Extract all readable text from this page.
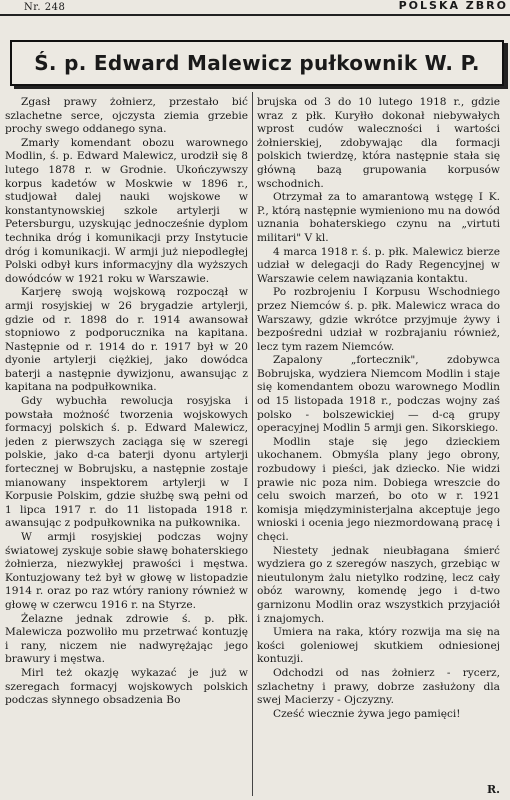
Nr. 248	POLSKA ZBRO
Ś. p. Edward Malewicz pułkownik W. P.

Zgasł prawy żołnierz, przestało bić szlachetne serce, ojczysta ziemia grzebie prochy swego oddanego syna.

Zmarły komendant obozu warownego Modlin, ś. p. Edward Malewicz, urodził się 8 lutego 1878 r. w Grodnie. Ukończywszy korpus kadetów w Moskwie w 1896 r., studjował dalej nauki wojskowe w konstantynowskiej szkole artylerji w Petersburgu, uzyskując jednocześnie dyplom technika dróg i komunikacji przy Instytucie dróg i komunikacji. W armji już niepodległej Polski odbył kurs informacyjny dla wyższych dowódców w 1921 roku w Warszawie.

Karjerę swoją wojskową rozpoczął w armji rosyjskiej w 26 brygadzie artylerji, gdzie od r. 1898 do r. 1914 awansował stopniowo z podporucznika na kapitana. Następnie od r. 1914 do r. 1917 był w 20 dyonie artylerji ciężkiej, jako dowódca baterji a następnie dywizjonu, awansując z kapitana na podpułkownika.

Gdy wybuchła rewolucja rosyjska i powstała możność tworzenia wojskowych formacyj polskich ś. p. Edward Malewicz, jeden z pierwszych zaciąga się w szeregi polskie, jako d-ca baterji dyonu artylerji fortecznej w Bobrujsku, a następnie zostaje mianowany inspektorem artylerji w I Korpusie Polskim, gdzie służbę swą pełni od 1 lipca 1917 r. do 11 listopada 1918 r. awansując z podpułkownika na pułkownika.

W armji rosyjskiej podczas wojny światowej zyskuje sobie sławę bohaterskiego żołnierza, niezwykłej prawości i męstwa. Kontuzjowany też był w głowę w listopadzie 1914 r. oraz po raz wtóry raniony również w głowę w czerwcu 1916 r. na Styrze.

Żelazne jednak zdrowie ś. p. płk. Malewicza pozwoliło mu przetrwać kontuzję i rany, niczem nie nadwyrężając jego brawury i męstwa.

Mirl też okazję wykazać je już w szeregach formacyj wojskowych polskich podczas słynnego obsadzenia Bo

brujska od 3 do 10 lutego 1918 r., gdzie wraz z płk. Kuryłło dokonał niebywałych wprost cudów waleczności i wartości żołnierskiej, zdobywając dla formacji polskich twierdzę, która następnie stała się główną bazą grupowania korpusów wschodnich.

Otrzymał za to amarantową wstęgę I K. P., którą następnie wymieniono mu na dowód uznania bohaterskiego czynu na „virtuti militari" V kl.

4 marca 1918 r. ś. p. płk. Malewicz bierze udział w delegacji do Rady Regencyjnej w Warszawie celem nawiązania kontaktu.

Po rozbrojeniu I Korpusu Wschodniego przez Niemców ś. p. płk. Malewicz wraca do Warszawy, gdzie wkrótce przyjmuje żywy i bezpośredni udział w rozbrajaniu również, lecz tym razem Niemców.

Zapalony „fortecznik", zdobywca Bobrujska, wydziera Niemcom Modlin i staje się komendantem obozu warownego Modlin od 15 listopada 1918 r., podczas wojny zaś polsko - bolszewickiej — d-cą grupy operacyjnej Modlin 5 armji gen. Sikorskiego.

Modlin staje się jego dzieckiem ukochanem. Obmyśla plany jego obrony, rozbudowy i pieści, jak dziecko. Nie widzi prawie nic poza nim. Dobiega wreszcie do celu swoich marzeń, bo oto w r. 1921 komisja międzyministerjalna akceptuje jego wnioski i ocenia jego niezmordowaną pracę i chęci.

Niestety jednak nieubłagana śmierć wydziera go z szeregów naszych, grzebiąc w nieutulonym żalu nietylko rodzinę, lecz cały obóz warowny, komendę jego i d-two garnizonu Modlin oraz wszystkich przyjaciół i znajomych.

Umiera na raka, który rozwija ma się na kości goleniowej skutkiem odniesionej kontuzji.

Odchodzi od nas żołnierz - rycerz, szlachetny i prawy, dobrze zasłużony dla swej Macierzy - Ojczyzny.

Cześć wiecznie żywa jego pamięci!

R.
